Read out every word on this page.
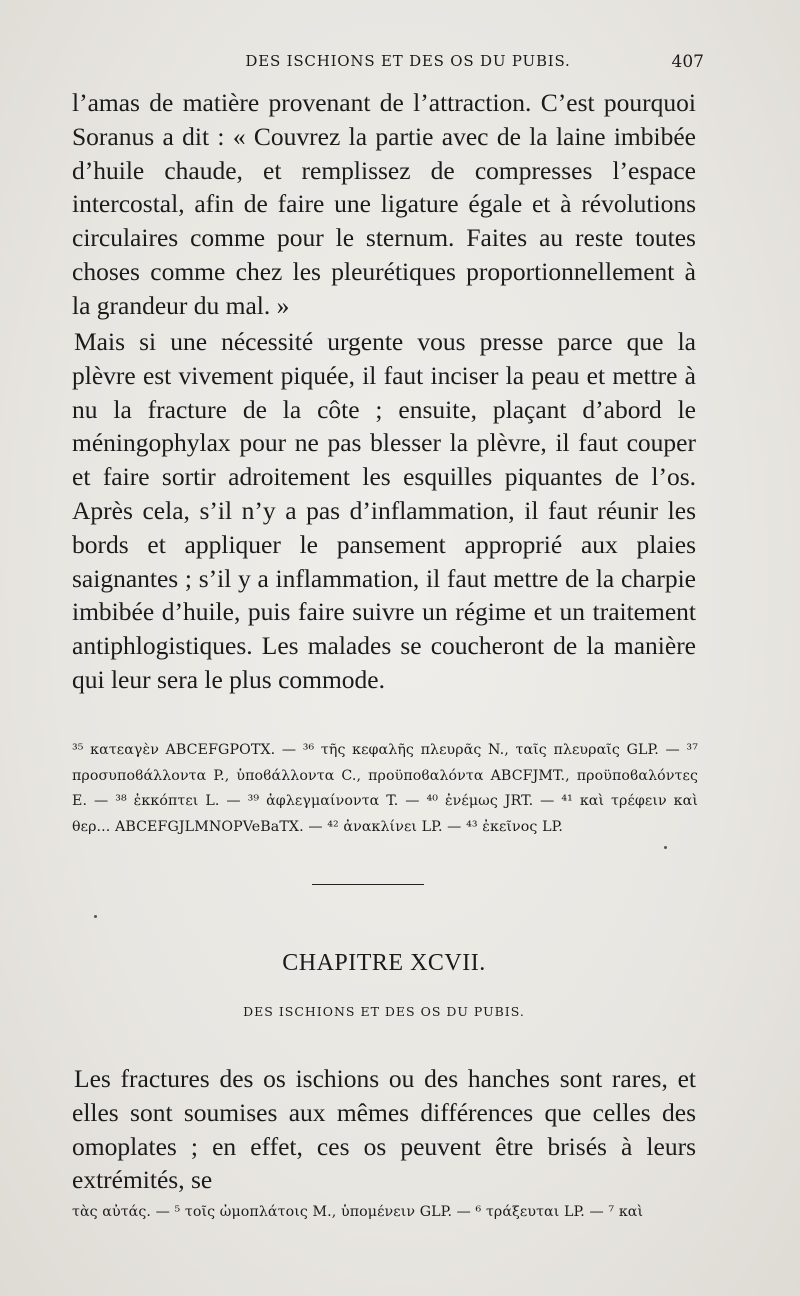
DES ISCHIONS ET DES OS DU PUBIS.	407

l’amas de matière provenant de l’attraction. C’est pourquoi Soranus a dit : « Couvrez la partie avec de la laine imbibée d’huile chaude, et remplissez de compresses l’espace intercostal, afin de faire une ligature égale et à révolutions circulaires comme pour le sternum. Faites au reste toutes choses comme chez les pleurétiques proportionnellement à la grandeur du mal. »

Mais si une nécessité urgente vous presse parce que la plèvre est vivement piquée, il faut inciser la peau et mettre à nu la fracture de la côte ; ensuite, plaçant d’abord le méningophylax pour ne pas blesser la plèvre, il faut couper et faire sortir adroitement les esquilles piquantes de l’os. Après cela, s’il n’y a pas d’inflammation, il faut réunir les bords et appliquer le pansement approprié aux plaies saignantes ; s’il y a inflammation, il faut mettre de la charpie imbibée d’huile, puis faire suivre un régime et un traitement antiphlogistiques. Les malades se coucheront de la manière qui leur sera le plus commode.

³⁵ κατεαγὲν ABCEFGPOTX. — ³⁶ τῆς κεφαλῆς πλευρᾶς N., ταῖς πλευραῖς GLP. — ³⁷ προσυποϐάλλοντα P., ὑποϐάλλοντα C., προϋποϐαλόντα ABCFJMT., προϋποϐαλόντες E. — ³⁸ ἐκκόπτει L. — ³⁹ ἀφλεγμαίνοντα T. — ⁴⁰ ἐνέμως JRT. — ⁴¹ καὶ τρέφειν καὶ θερ... ABCEFGJLMNOPVeBaTX. — ⁴² ἀνακλίνει LP. — ⁴³ ἐκεῖνος LP.
CHAPITRE XCVII.
DES ISCHIONS ET DES OS DU PUBIS.

Les fractures des os ischions ou des hanches sont rares, et elles sont soumises aux mêmes différences que celles des omoplates ; en effet, ces os peuvent être brisés à leurs extrémités, se

τὰς αὐτάς. — ⁵ τοῖς ὠμοπλάτοις M., ὑπομένειν GLP. — ⁶ τράξευται LP. — ⁷ καὶ
